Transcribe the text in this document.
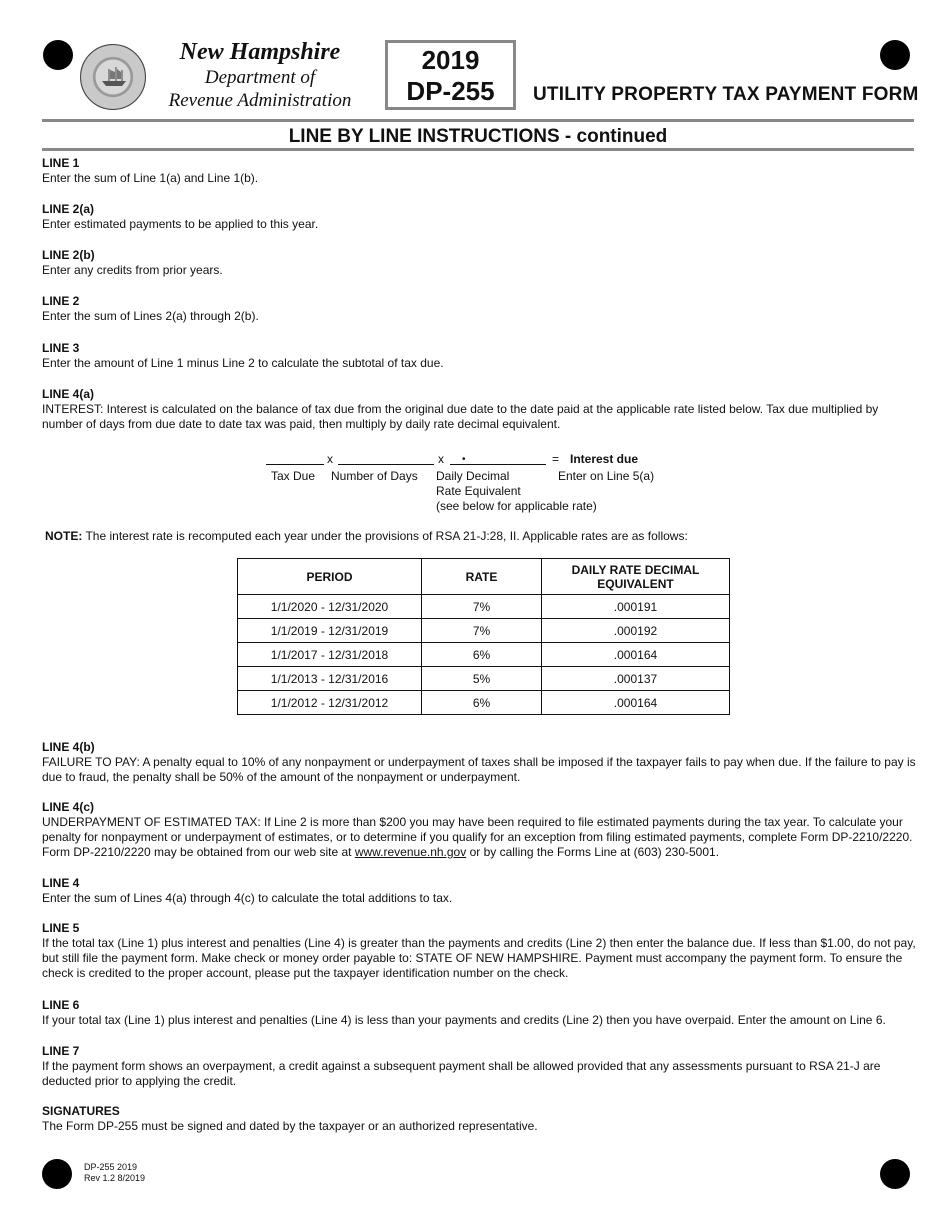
New Hampshire
Department of
Revenue Administration
2019
DP-255	UTILITY PROPERTY TAX PAYMENT FORM
LINE BY LINE INSTRUCTIONS - continued
LINE 1

Enter the sum of Line 1(a) and Line 1(b).

LINE 2(a)

Enter estimated payments to be applied to this year.

LINE 2(b)

Enter any credits from prior years.

LINE 2

Enter the sum of Lines 2(a) through 2(b).

LINE 3

Enter the amount of Line 1 minus Line 2 to calculate the subtotal of tax due.

LINE 4(a)

INTEREST: Interest is calculated on the balance of tax due from the original due date to the date paid at the applicable rate listed below. Tax due multiplied by number of days from due date to date tax was paid, then multiply by daily rate decimal equivalent.

x	x •	= Interest due
Tax Due Number of Days Daily Decimal
Rate Equivalent
(see below for applicable rate)
Enter on Line 5(a)
NOTE: The interest rate is recomputed each year under the provisions of RSA 21-J:28, II. Applicable rates are as follows:
PERIOD	RATE	DAILY RATE DECIMAL EQUIVALENT
1/1/2020 - 12/31/2020	7%	.000191
1/1/2019 - 12/31/2019	7%	.000192
1/1/2017 - 12/31/2018	6%	.000164
1/1/2013 - 12/31/2016	5%	.000137
1/1/2012 - 12/31/2012	6%	.000164
LINE 4(b)

FAILURE TO PAY: A penalty equal to 10% of any nonpayment or underpayment of taxes shall be imposed if the taxpayer fails to pay when due. If the failure to pay is due to fraud, the penalty shall be 50% of the amount of the nonpayment or underpayment.

LINE 4(c)

UNDERPAYMENT OF ESTIMATED TAX: If Line 2 is more than $200 you may have been required to file estimated payments during the tax year. To calculate your penalty for nonpayment or underpayment of estimates, or to determine if you qualify for an exception from filing estimated payments, complete Form DP-2210/2220. Form DP-2210/2220 may be obtained from our web site at www.revenue.nh.gov or by calling the Forms Line at (603) 230-5001.

LINE 4

Enter the sum of Lines 4(a) through 4(c) to calculate the total additions to tax.

LINE 5

If the total tax (Line 1) plus interest and penalties (Line 4) is greater than the payments and credits (Line 2) then enter the balance due. If less than $1.00, do not pay, but still file the payment form. Make check or money order payable to: STATE OF NEW HAMPSHIRE. Payment must accompany the payment form. To ensure the check is credited to the proper account, please put the taxpayer identification number on the check.

LINE 6

If your total tax (Line 1) plus interest and penalties (Line 4) is less than your payments and credits (Line 2) then you have overpaid. Enter the amount on Line 6.

LINE 7

If the payment form shows an overpayment, a credit against a subsequent payment shall be allowed provided that any assessments pursuant to RSA 21-J are deducted prior to applying the credit.

SIGNATURES

The Form DP-255 must be signed and dated by the taxpayer or an authorized representative.

DP-255 2019
Rev 1.2 8/2019
